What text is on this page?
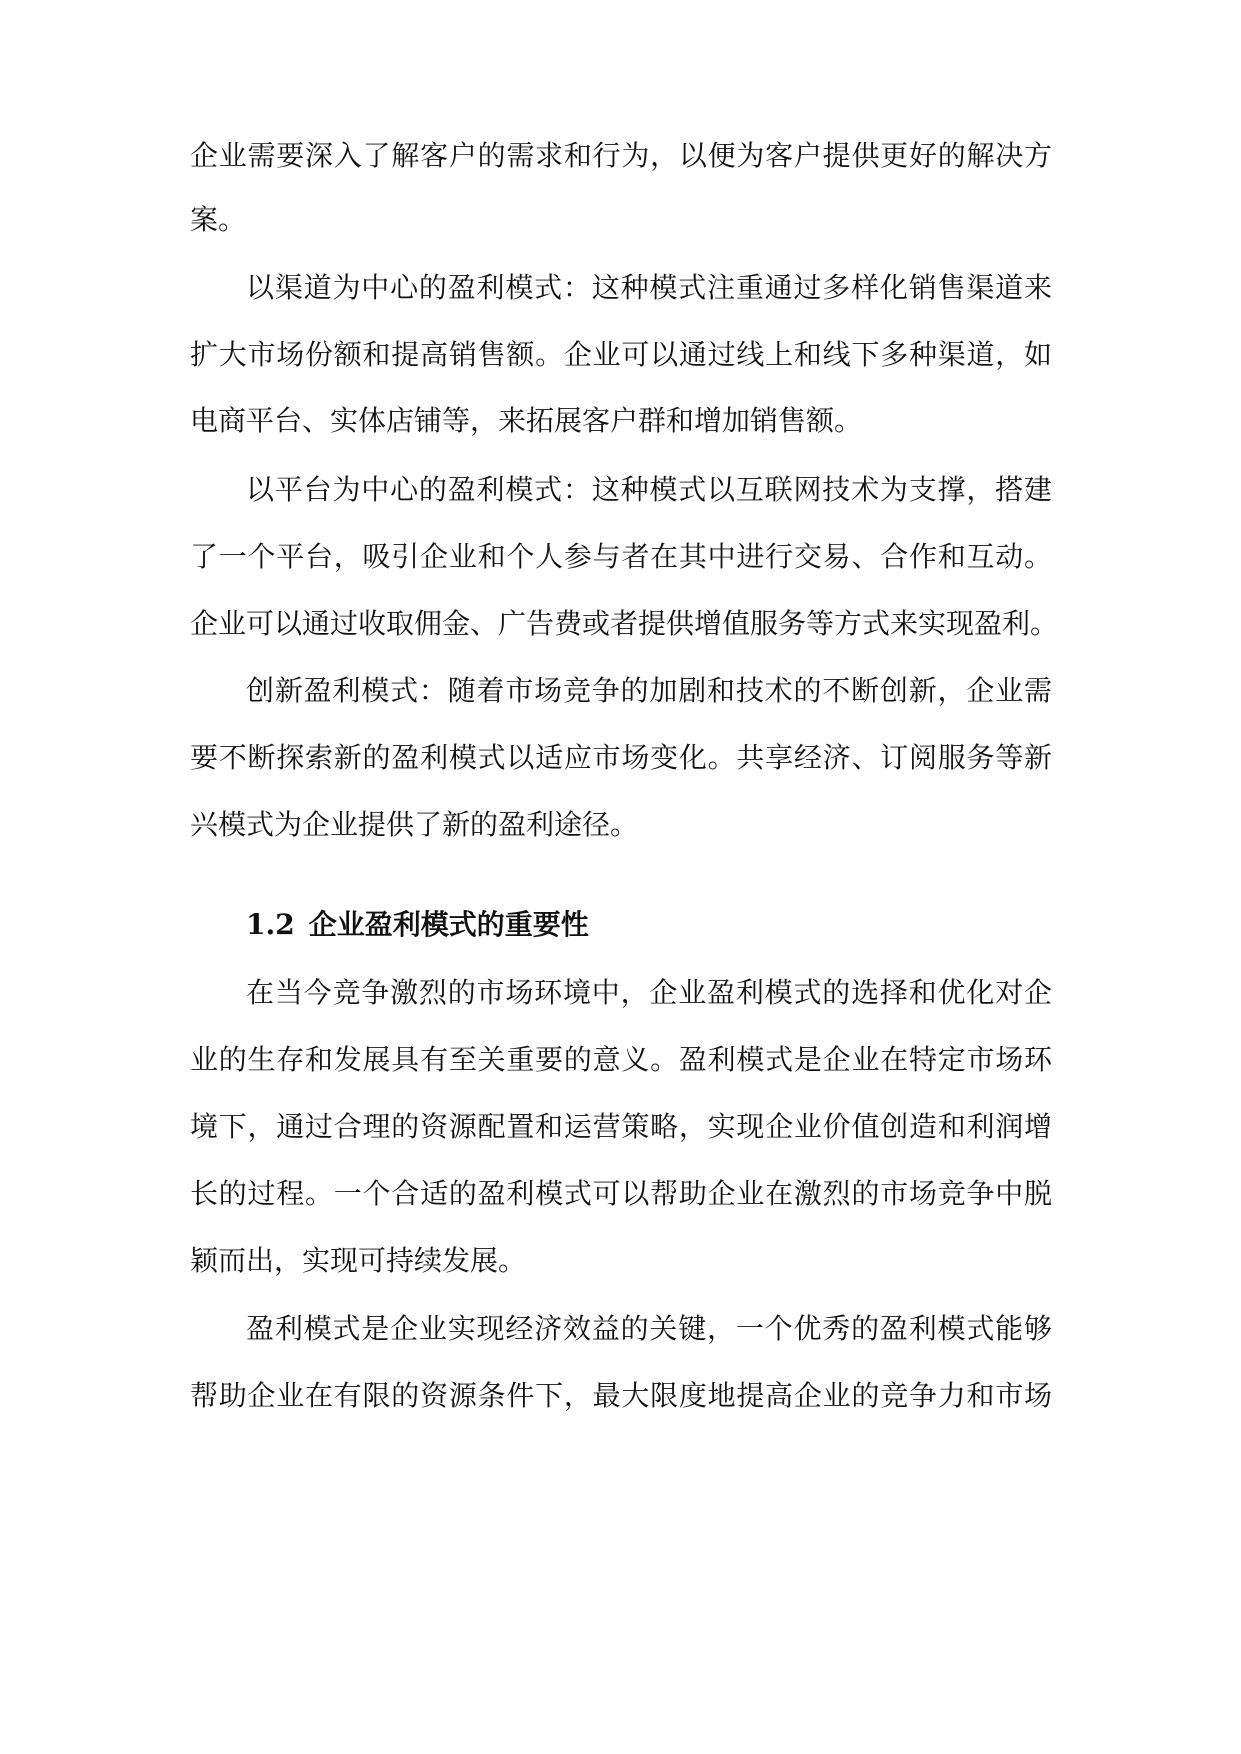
企业需要深入了解客户的需求和行为，以便为客户提供更好的解决方
案。
以渠道为中心的盈利模式：这种模式注重通过多样化销售渠道来
扩大市场份额和提高销售额。企业可以通过线上和线下多种渠道，如
电商平台、实体店铺等，来拓展客户群和增加销售额。
以平台为中心的盈利模式：这种模式以互联网技术为支撑，搭建
了一个平台，吸引企业和个人参与者在其中进行交易、合作和互动。
企业可以通过收取佣金、广告费或者提供增值服务等方式来实现盈利。
创新盈利模式：随着市场竞争的加剧和技术的不断创新，企业需
要不断探索新的盈利模式以适应市场变化。共享经济、订阅服务等新
兴模式为企业提供了新的盈利途径。
1.2 企业盈利模式的重要性
在当今竞争激烈的市场环境中，企业盈利模式的选择和优化对企
业的生存和发展具有至关重要的意义。盈利模式是企业在特定市场环
境下，通过合理的资源配置和运营策略，实现企业价值创造和利润增
长的过程。一个合适的盈利模式可以帮助企业在激烈的市场竞争中脱
颖而出，实现可持续发展。
盈利模式是企业实现经济效益的关键，一个优秀的盈利模式能够
帮助企业在有限的资源条件下，最大限度地提高企业的竞争力和市场
